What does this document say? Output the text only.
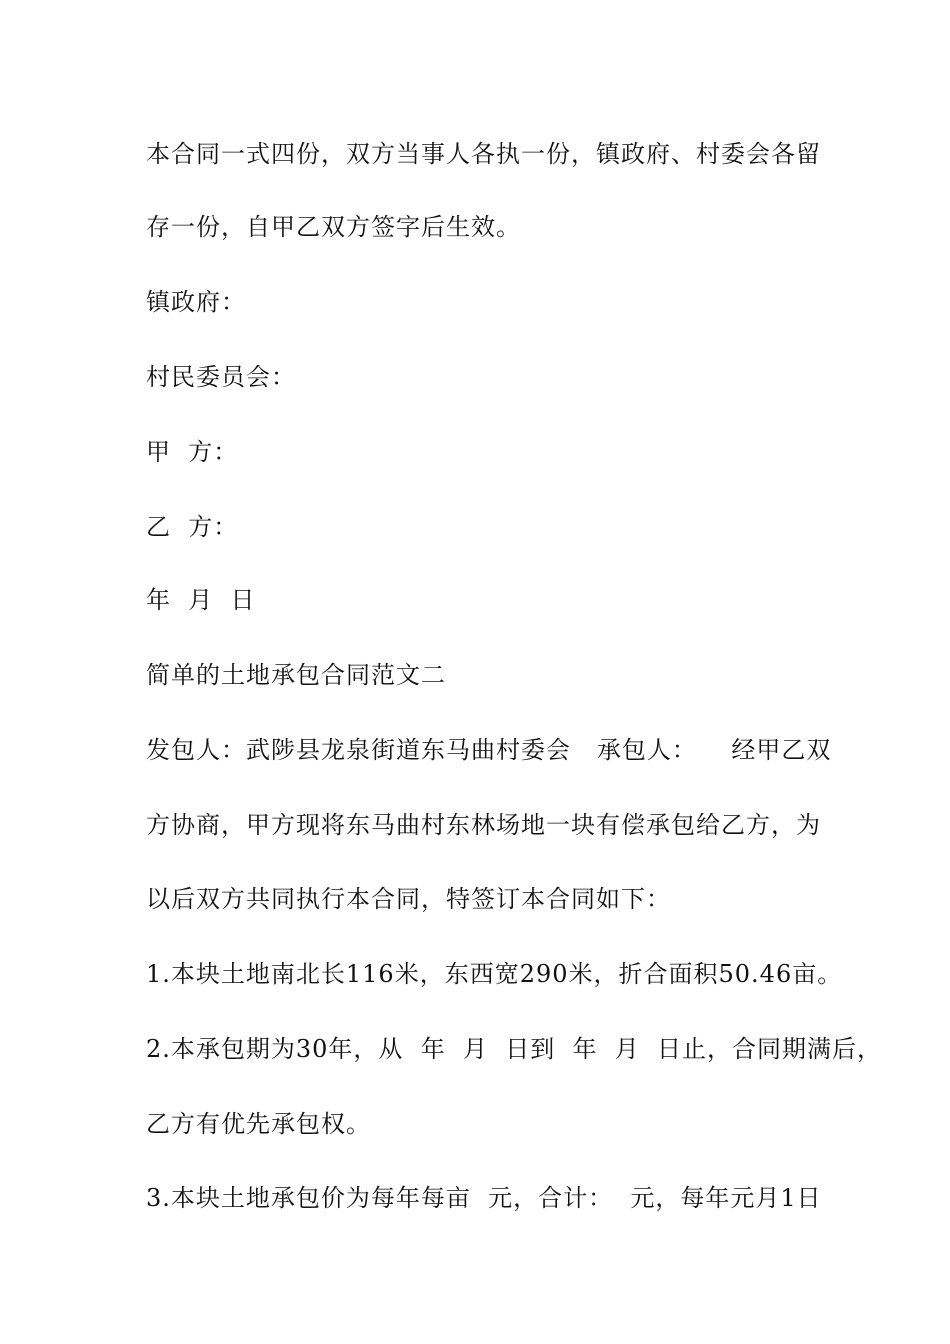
本合同一式四份，双方当事人各执一份，镇政府、村委会各留
存一份，自甲乙双方签字后生效。
镇政府：
村民委员会：
甲  方：
乙  方：
年  月  日
简单的土地承包合同范文二
发包人：武陟县龙泉街道东马曲村委会   承包人：    经甲乙双
方协商，甲方现将东马曲村东林场地一块有偿承包给乙方，为
以后双方共同执行本合同，特签订本合同如下：
1.本块土地南北长116米，东西宽290米，折合面积50.46亩。
2.本承包期为30年，从  年  月  日到  年  月  日止，合同期满后，
乙方有优先承包权。
3.本块土地承包价为每年每亩  元，合计：  元，每年元月1日
